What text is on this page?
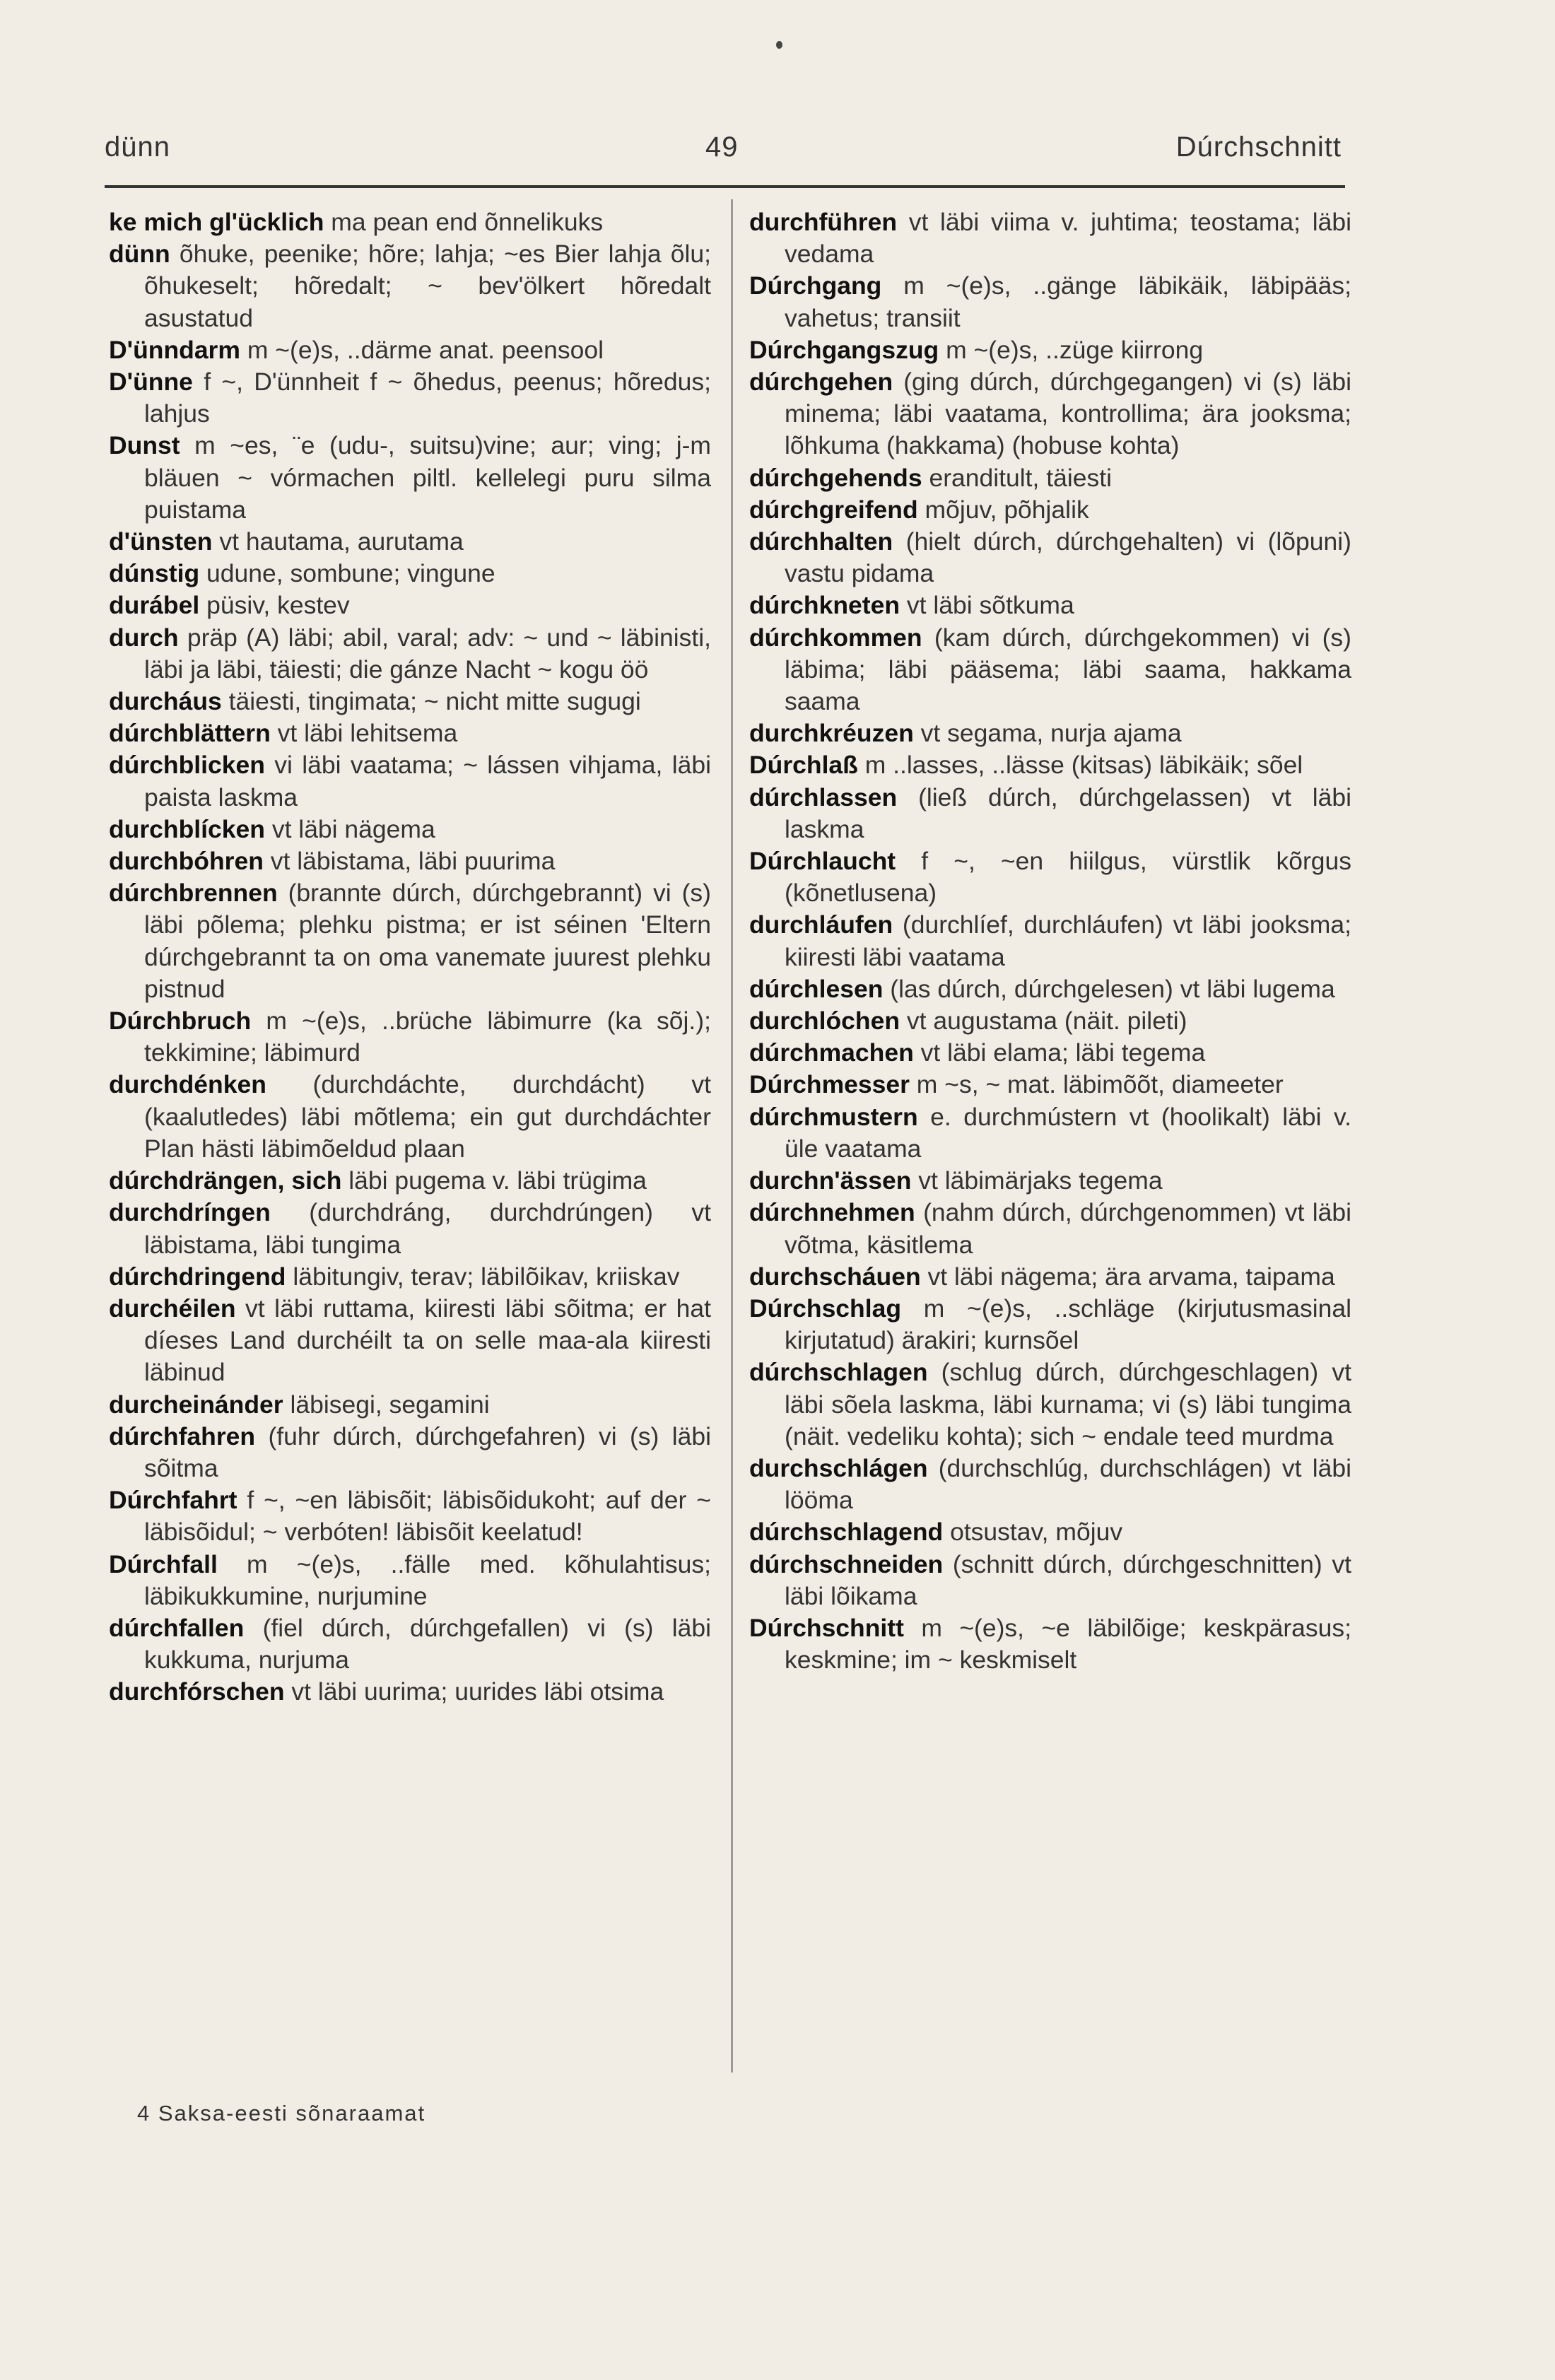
dünn	49	Dúrchschnitt

ke mich gl'ücklich ma pean end õnnelikuks

dünn õhuke, peenike; hõre; lahja; ~es Bier lahja õlu; õhukeselt; hõredalt; ~ bev'ölkert hõredalt asustatud

D'ünndarm m ~(e)s, ..därme anat. peensool

D'ünne f ~, D'ünnheit f ~ õhedus, peenus; hõredus; lahjus

Dunst m ~es, ¨e (udu-, suitsu)vine; aur; ving; j-m bläuen ~ vórmachen piltl. kellelegi puru silma puistama

d'ünsten vt hautama, aurutama

dúnstig udune, sombune; vingune

durábel püsiv, kestev

durch präp (A) läbi; abil, varal; adv: ~ und ~ läbinisti, läbi ja läbi, täiesti; die gánze Nacht ~ kogu öö

durcháus täiesti, tingimata; ~ nicht mitte sugugi

dúrchblättern vt läbi lehitsema

dúrchblicken vi läbi vaatama; ~ lássen vihjama, läbi paista laskma

durchblícken vt läbi nägema

durchbóhren vt läbistama, läbi puurima

dúrchbrennen (brannte dúrch, dúrchgebrannt) vi (s) läbi põlema; plehku pistma; er ist séinen 'Eltern dúrchgebrannt ta on oma vanemate juurest plehku pistnud

Dúrchbruch m ~(e)s, ..brüche läbimurre (ka sõj.); tekkimine; läbimurd

durchdénken (durchdáchte, durchdácht) vt (kaalutledes) läbi mõtlema; ein gut durchdáchter Plan hästi läbimõeldud plaan

dúrchdrängen, sich läbi pugema v. läbi trügima

durchdríngen (durchdráng, durchdrúngen) vt läbistama, läbi tungima

dúrchdringend läbitungiv, terav; läbilõikav, kriiskav

durchéilen vt läbi ruttama, kiiresti läbi sõitma; er hat díeses Land durchéilt ta on selle maa-ala kiiresti läbinud

durcheinánder läbisegi, segamini

dúrchfahren (fuhr dúrch, dúrchgefahren) vi (s) läbi sõitma

Dúrchfahrt f ~, ~en läbisõit; läbisõidukoht; auf der ~ läbisõidul; ~ verbóten! läbisõit keelatud!

Dúrchfall m ~(e)s, ..fälle med. kõhulahtisus; läbikukkumine, nurjumine

dúrchfallen (fiel dúrch, dúrchgefallen) vi (s) läbi kukkuma, nurjuma

durchfórschen vt läbi uurima; uurides läbi otsima

durchführen vt läbi viima v. juhtima; teostama; läbi vedama

Dúrchgang m ~(e)s, ..gänge läbikäik, läbipääs; vahetus; transiit

Dúrchgangszug m ~(e)s, ..züge kiirrong

dúrchgehen (ging dúrch, dúrchgegangen) vi (s) läbi minema; läbi vaatama, kontrollima; ära jooksma; lõhkuma (hakkama) (hobuse kohta)

dúrchgehends eranditult, täiesti

dúrchgreifend mõjuv, põhjalik

dúrchhalten (hielt dúrch, dúrchgehalten) vi (lõpuni) vastu pidama

dúrchkneten vt läbi sõtkuma

dúrchkommen (kam dúrch, dúrchgekommen) vi (s) läbima; läbi pääsema; läbi saama, hakkama saama

durchkréuzen vt segama, nurja ajama

Dúrchlaß m ..lasses, ..lässe (kitsas) läbikäik; sõel

dúrchlassen (ließ dúrch, dúrchgelassen) vt läbi laskma

Dúrchlaucht f ~, ~en hiilgus, vürstlik kõrgus (kõnetlusena)

durchláufen (durchlíef, durchláufen) vt läbi jooksma; kiiresti läbi vaatama

dúrchlesen (las dúrch, dúrchgelesen) vt läbi lugema

durchlóchen vt augustama (näit. pileti)

dúrchmachen vt läbi elama; läbi tegema

Dúrchmesser m ~s, ~ mat. läbimõõt, diameeter

dúrchmustern e. durchmústern vt (hoolikalt) läbi v. üle vaatama

durchn'ässen vt läbimärjaks tegema

dúrchnehmen (nahm dúrch, dúrchgenommen) vt läbi võtma, käsitlema

durchscháuen vt läbi nägema; ära arvama, taipama

Dúrchschlag m ~(e)s, ..schläge (kirjutusmasinal kirjutatud) ärakiri; kurnsõel

dúrchschlagen (schlug dúrch, dúrchgeschlagen) vt läbi sõela laskma, läbi kurnama; vi (s) läbi tungima (näit. vedeliku kohta); sich ~ endale teed murdma

durchschlágen (durchschlúg, durchschlágen) vt läbi lööma

dúrchschlagend otsustav, mõjuv

dúrchschneiden (schnitt dúrch, dúrchgeschnitten) vt läbi lõikama

Dúrchschnitt m ~(e)s, ~e läbilõige; keskpärasus; keskmine; im ~ keskmiselt

4 Saksa-eesti sõnaraamat
